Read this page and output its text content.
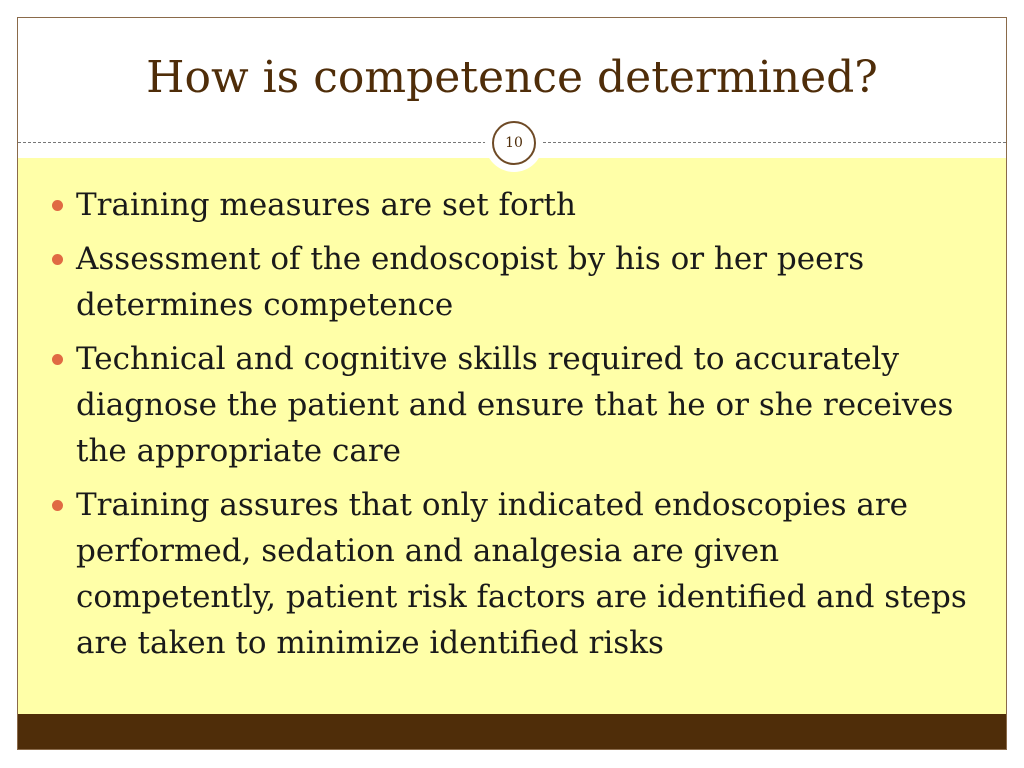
How is competence determined?
10
Training measures are set forth
Assessment of the endoscopist by his or her peers determines competence
Technical and cognitive skills required to accurately diagnose the patient and ensure that he or she receives the appropriate care
Training assures that only indicated endoscopies are performed, sedation and analgesia are given competently, patient risk factors are identified and steps are taken to minimize identified risks
